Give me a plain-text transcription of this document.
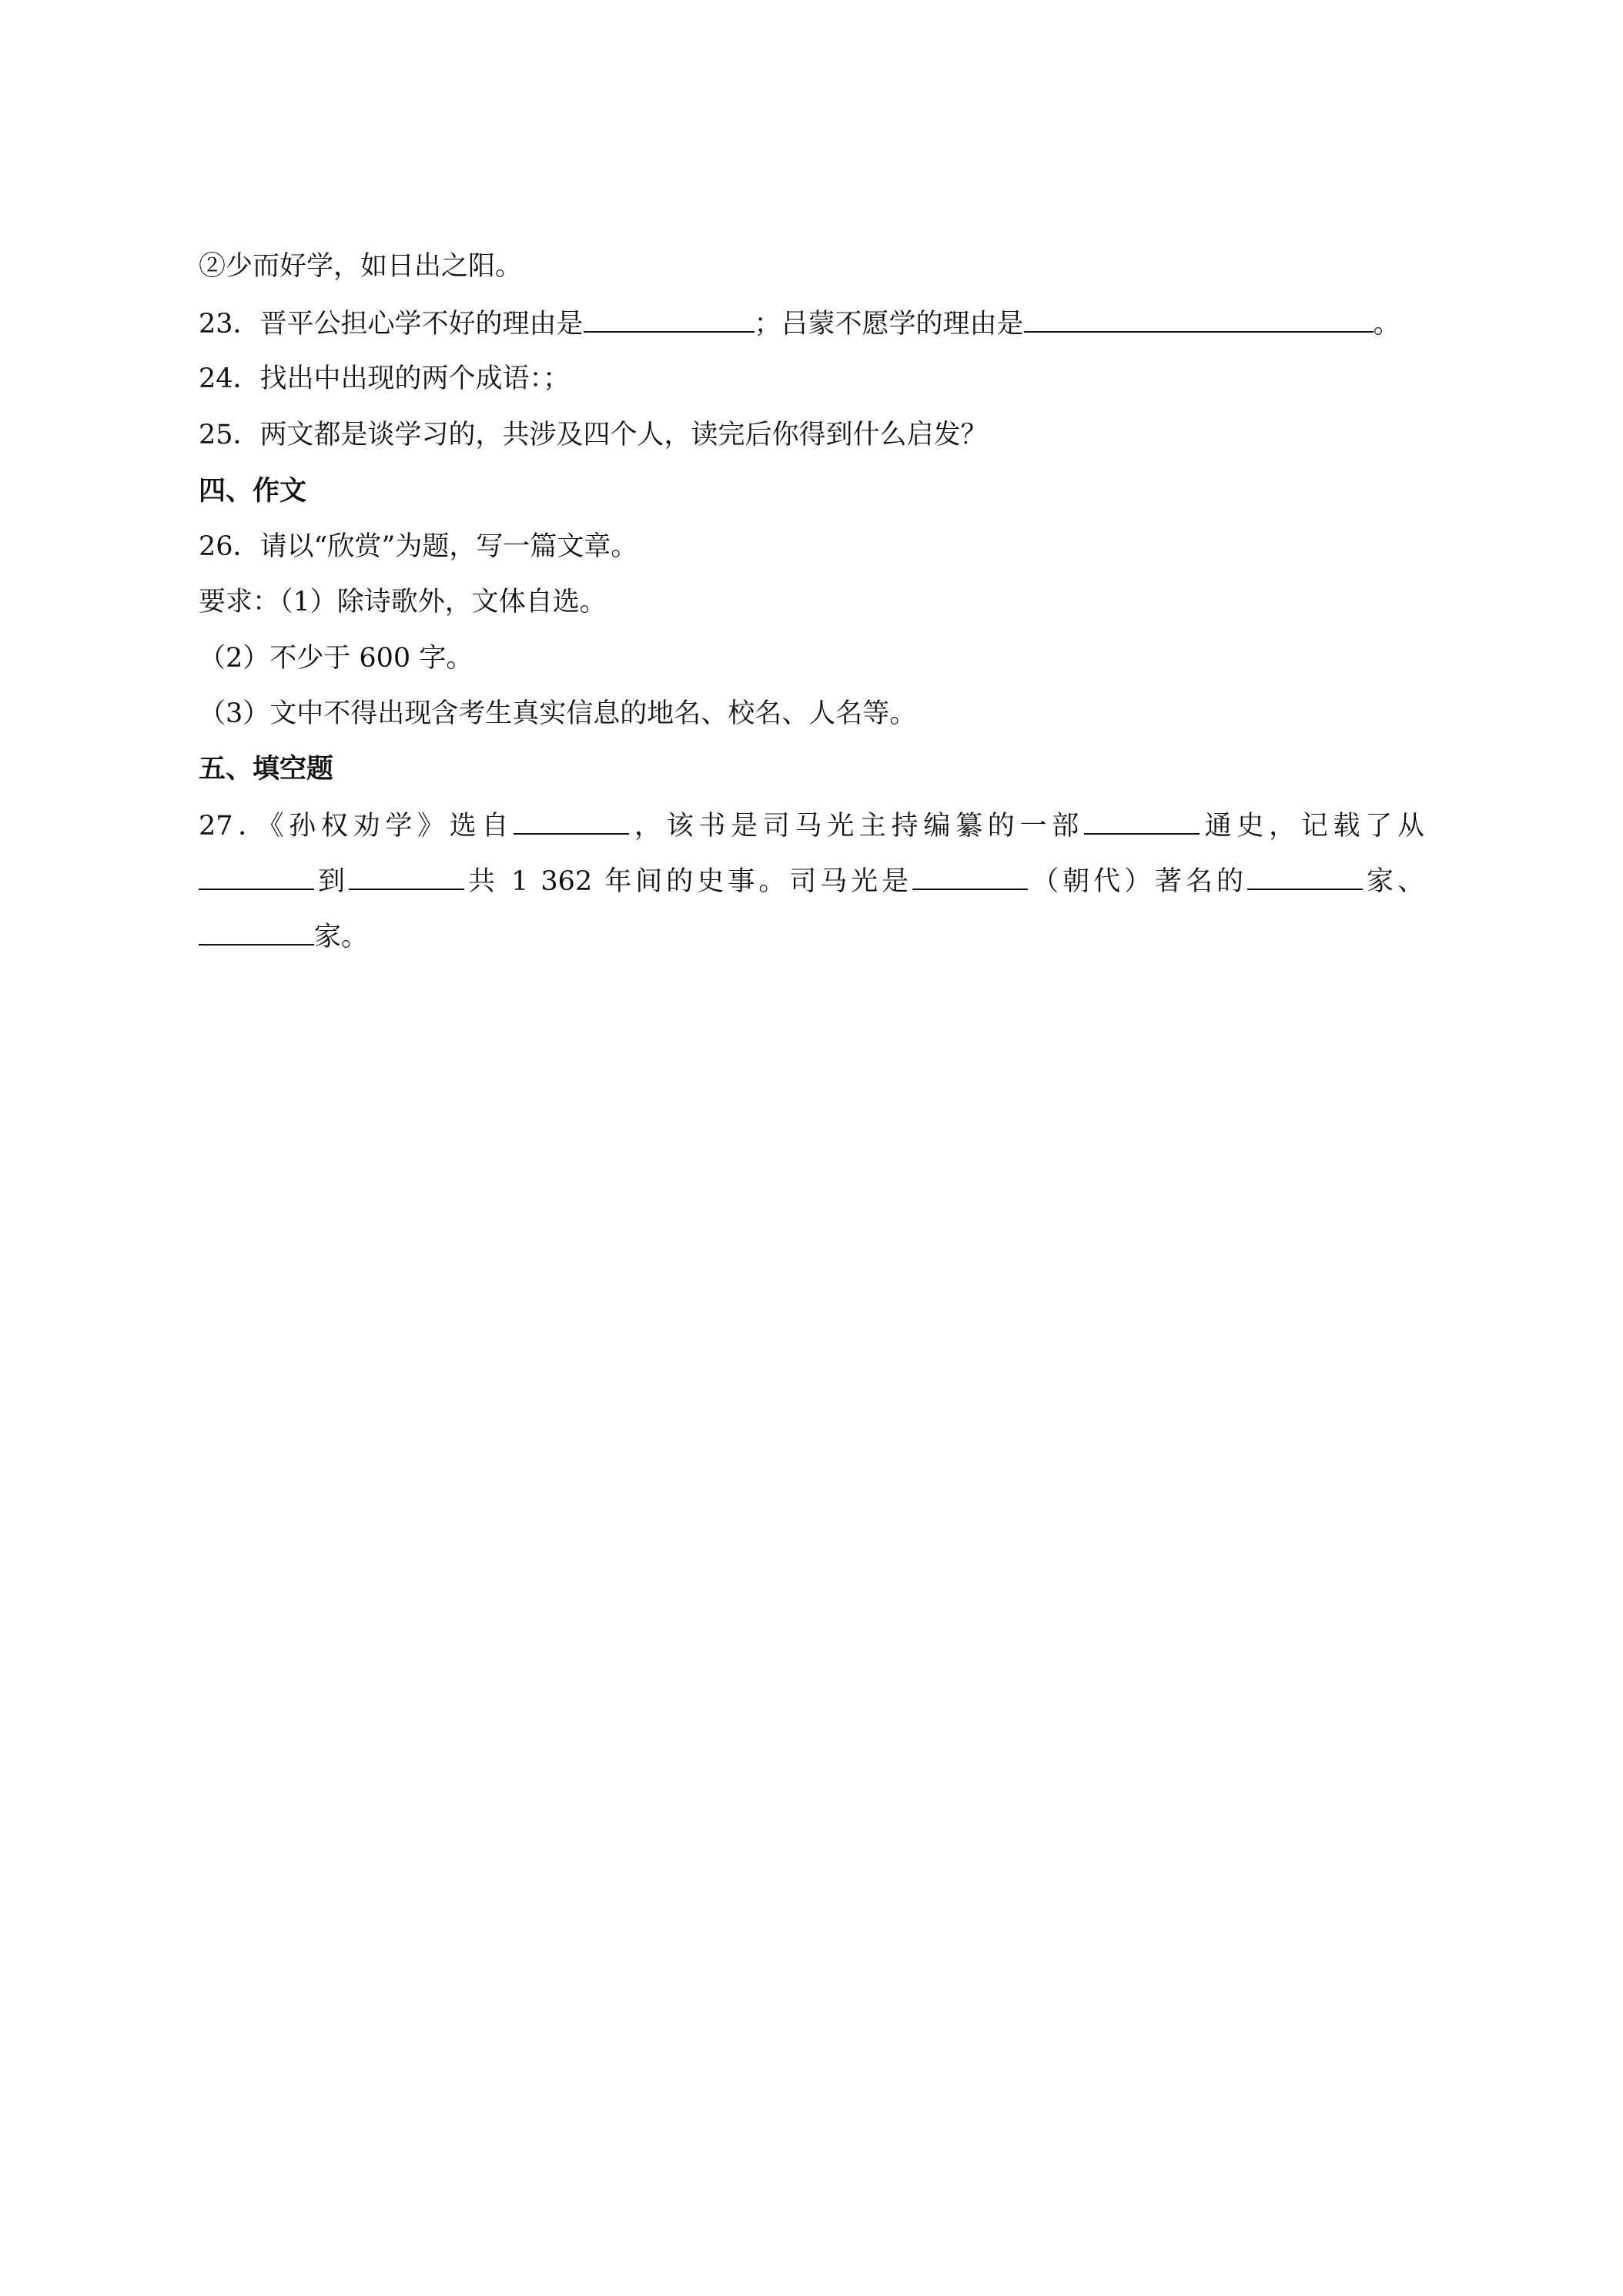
②少而好学，如日出之阳。
23．晋平公担心学不好的理由是	；吕蒙不愿学的理由是	。
24．找出中出现的两个成语：；
25．两文都是谈学习的，共涉及四个人，读完后你得到什么启发？
四、作文
26．请以“欣赏”为题，写一篇文章。
要求：（1）除诗歌外，文体自选。
（2）不少于 600 字。
（3）文中不得出现含考生真实信息的地名、校名、人名等。
五、填空题
27．《孙权劝学》选自	，该书是司马光主持编纂的一部	通史，记载了从
到	共 1 362 年间的史事。司马光是	（朝代）著名的	家、
家。
